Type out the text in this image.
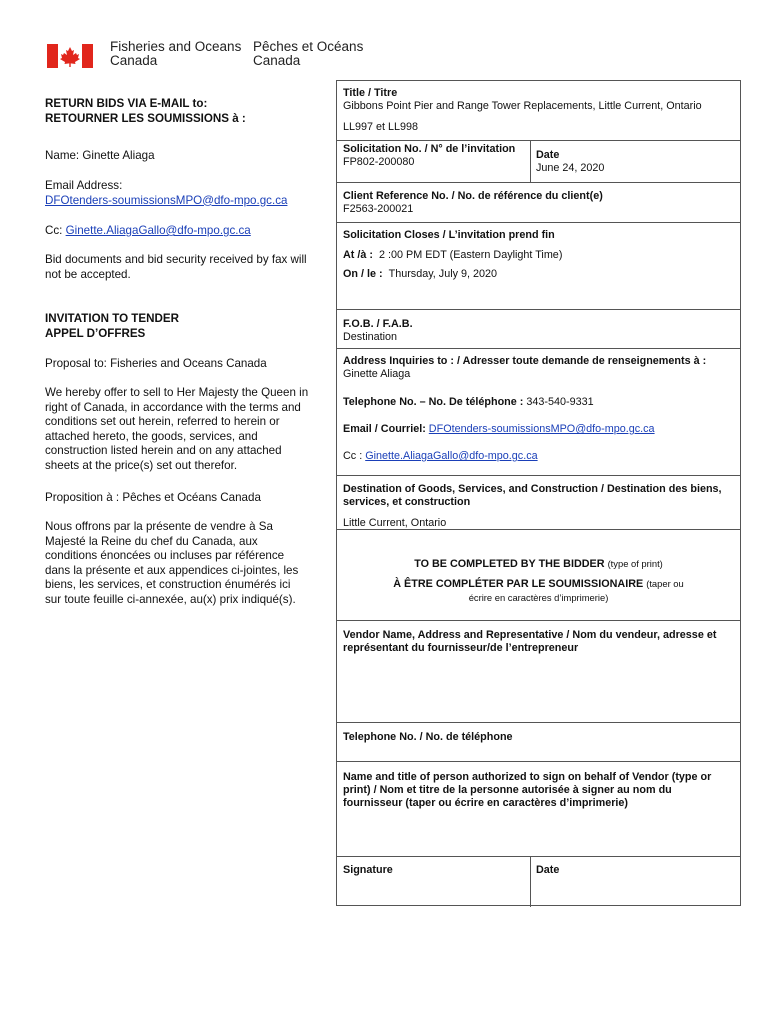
Fisheries and Oceans
Canada
Pêches et Océans
Canada
RETURN BIDS VIA E-MAIL to:
RETOURNER LES SOUMISSIONS à :
Name: Ginette Aliaga
Email Address:
DFOtenders-soumissionsMPO@dfo-mpo.gc.ca
Cc: Ginette.AliagaGallo@dfo-mpo.gc.ca
Bid documents and bid security received by fax will not be accepted.
INVITATION TO TENDER
APPEL D’OFFRES
Proposal to: Fisheries and Oceans Canada
We hereby offer to sell to Her Majesty the Queen in right of Canada, in accordance with the terms and conditions set out herein, referred to herein or attached hereto, the goods, services, and construction listed herein and on any attached sheets at the price(s) set out therefor.
Proposition à : Pêches et Océans Canada
Nous offrons par la présente de vendre à Sa Majesté la Reine du chef du Canada, aux conditions énoncées ou incluses par référence dans la présente et aux appendices ci-jointes, les biens, les services, et construction énumérés ici sur toute feuille ci-annexée, au(x) prix indiqué(s).
Title / Titre
Gibbons Point Pier and Range Tower Replacements, Little Current, Ontario
LL997 et LL998
Solicitation No. / N° de l’invitation
FP802-200080
Date
June 24, 2020
Client Reference No. / No. de référence du client(e)
F2563-200021
Solicitation Closes / L’invitation prend fin
At /à : 2 :00 PM EDT (Eastern Daylight Time)
On / le : Thursday, July 9, 2020
F.O.B. / F.A.B.
Destination
Address Inquiries to : / Adresser toute demande de renseignements à : Ginette Aliaga
Telephone No. – No. De téléphone : 343-540-9331
Email / Courriel: DFOtenders-soumissionsMPO@dfo-mpo.gc.ca
Cc : Ginette.AliagaGallo@dfo-mpo.gc.ca
Destination of Goods, Services, and Construction / Destination des biens, services, et construction
Little Current, Ontario
TO BE COMPLETED BY THE BIDDER (type of print)
À ÊTRE COMPLÉTER PAR LE SOUMISSIONAIRE (taper ou écrire en caractères d’imprimerie)
Vendor Name, Address and Representative / Nom du vendeur, adresse et représentant du fournisseur/de l’entrepreneur
Telephone No. / No. de téléphone
Name and title of person authorized to sign on behalf of Vendor (type or print) / Nom et titre de la personne autorisée à signer au nom du fournisseur (taper ou écrire en caractères d’imprimerie)
Signature	Date
